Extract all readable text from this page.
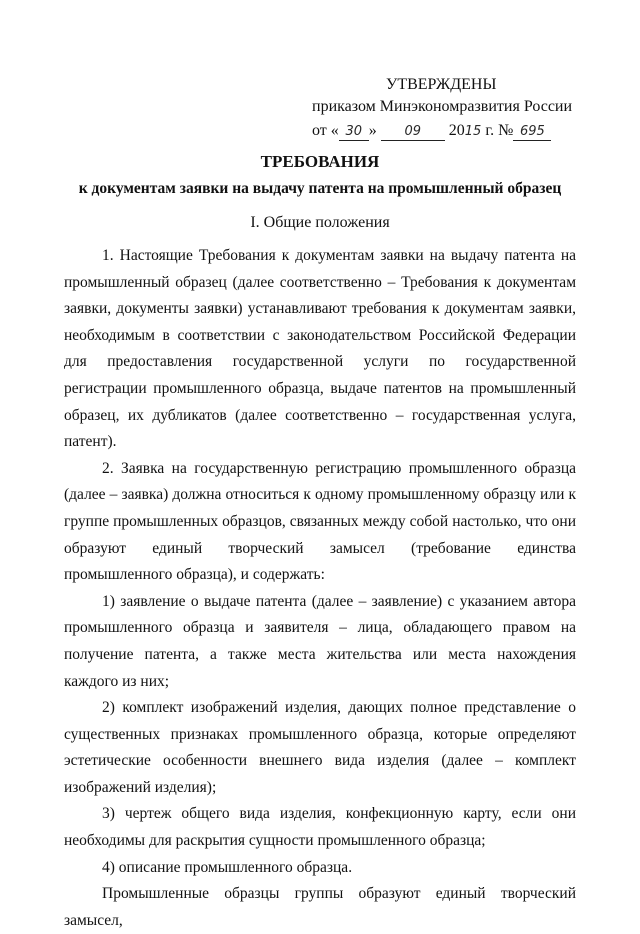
УТВЕРЖДЕНЫ
приказом Минэкономразвития России
от « 30 » 09 2015 г. № 695
ТРЕБОВАНИЯ
к документам заявки на выдачу патента на промышленный образец
I. Общие положения

1. Настоящие Требования к документам заявки на выдачу патента на промышленный образец (далее соответственно – Требования к документам заявки, документы заявки) устанавливают требования к документам заявки, необходимым в соответствии с законодательством Российской Федерации для предоставления государственной услуги по государственной регистрации промышленного образца, выдаче патентов на промышленный образец, их дубликатов (далее соответственно – государственная услуга, патент).

2. Заявка на государственную регистрацию промышленного образца (далее – заявка) должна относиться к одному промышленному образцу или к группе промышленных образцов, связанных между собой настолько, что они образуют единый творческий замысел (требование единства промышленного образца), и содержать:

1) заявление о выдаче патента (далее – заявление) с указанием автора промышленного образца и заявителя – лица, обладающего правом на получение патента, а также места жительства или места нахождения каждого из них;

2) комплект изображений изделия, дающих полное представление о существенных признаках промышленного образца, которые определяют эстетические особенности внешнего вида изделия (далее – комплект изображений изделия);

3) чертеж общего вида изделия, конфекционную карту, если они необходимы для раскрытия сущности промышленного образца;

4) описание промышленного образца.

Промышленные образцы группы образуют единый творческий замысел,
